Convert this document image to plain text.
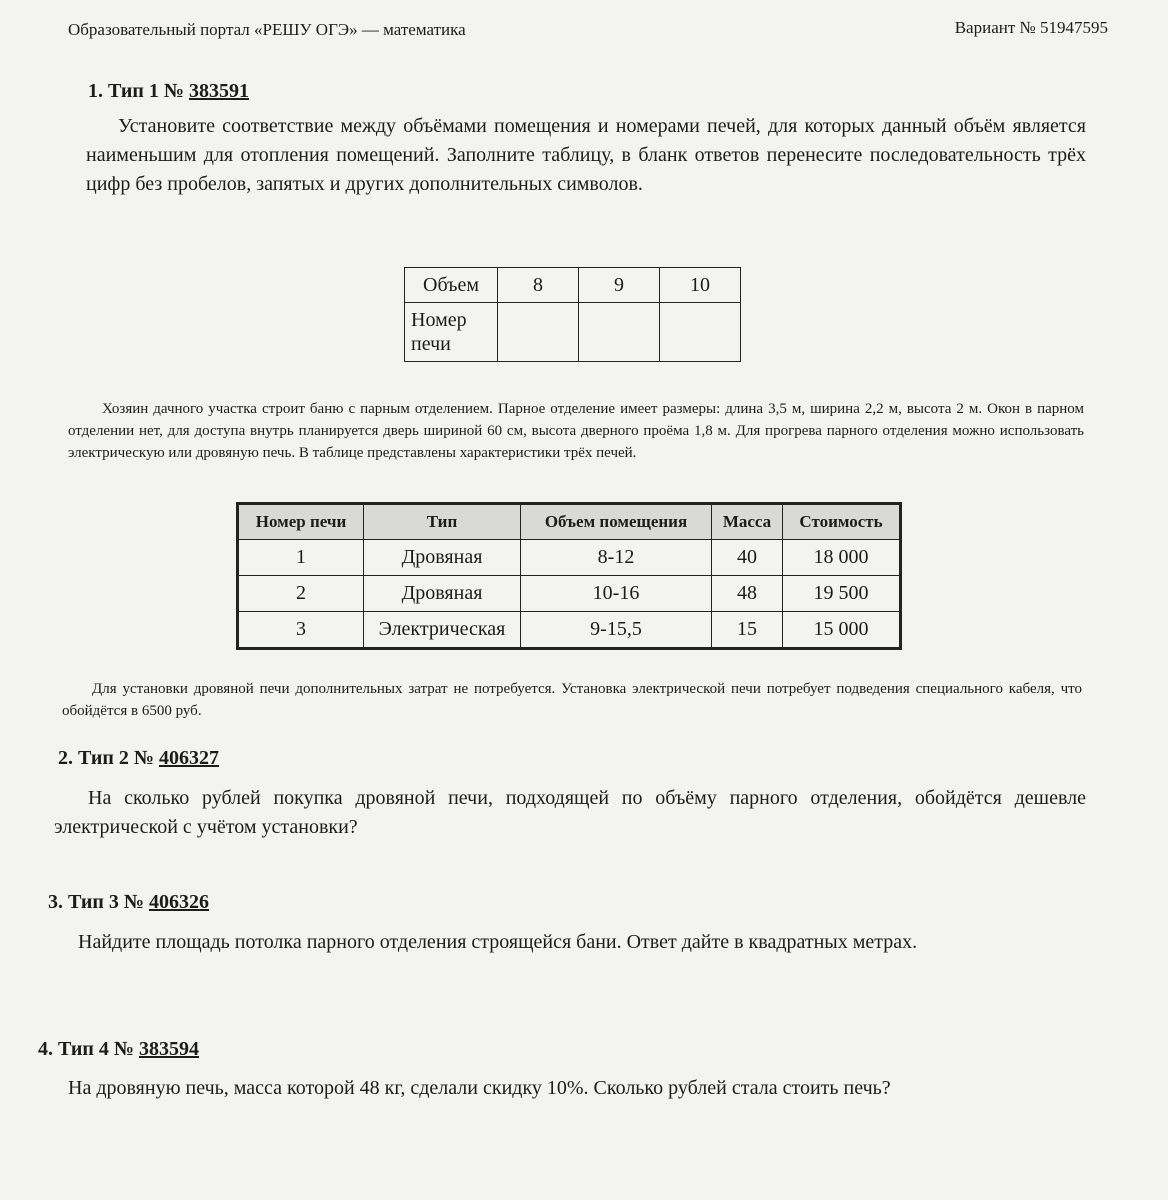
Образовательный портал «РЕШУ ОГЭ» — математика	Вариант № 51947595
1. Тип 1 № 383591
Установите соответствие между объёмами помещения и номерами печей, для которых данный объём является наименьшим для отопления помещений. Заполните таблицу, в бланк ответов перенесите последовательность трёх цифр без пробелов, запятых и других дополнительных символов.
Объем	8	9	10
Номер печи			
Хозяин дачного участка строит баню с парным отделением. Парное отделение имеет размеры: длина 3,5 м, ширина 2,2 м, высота 2 м. Окон в парном отделении нет, для доступа внутрь планируется дверь шириной 60 см, высота дверного проёма 1,8 м. Для прогрева парного отделения можно использовать электрическую или дровяную печь. В таблице представлены характеристики трёх печей.
Номер печи	Тип	Объем помещения	Масса	Стоимость
1	Дровяная	8-12	40	18 000
2	Дровяная	10-16	48	19 500
3	Электрическая	9-15,5	15	15 000
Для установки дровяной печи дополнительных затрат не потребуется. Установка электрической печи потребует подведения специального кабеля, что обойдётся в 6500 руб.
2. Тип 2 № 406327
На сколько рублей покупка дровяной печи, подходящей по объёму парного отделения, обойдётся дешевле электрической с учётом установки?
3. Тип 3 № 406326
Найдите площадь потолка парного отделения строящейся бани. Ответ дайте в квадратных метрах.
4. Тип 4 № 383594
На дровяную печь, масса которой 48 кг, сделали скидку 10%. Сколько рублей стала стоить печь?
